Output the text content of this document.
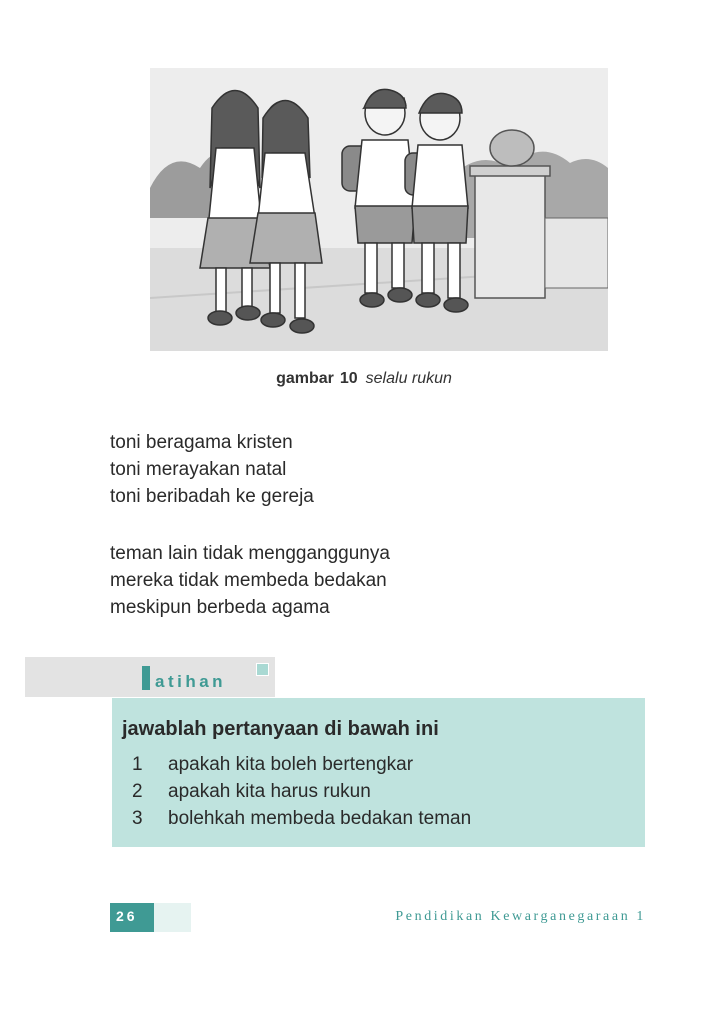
gambar 10 selalu rukun
toni beragama kristen
toni merayakan natal
toni beribadah ke gereja
teman lain tidak mengganggunya
mereka tidak membeda bedakan
meskipun berbeda agama
atihan
jawablah pertanyaan di bawah ini
1 apakah kita boleh bertengkar
2 apakah kita harus rukun
3 bolehkah membeda bedakan teman
26	Pendidikan Kewarganegaraan 1
